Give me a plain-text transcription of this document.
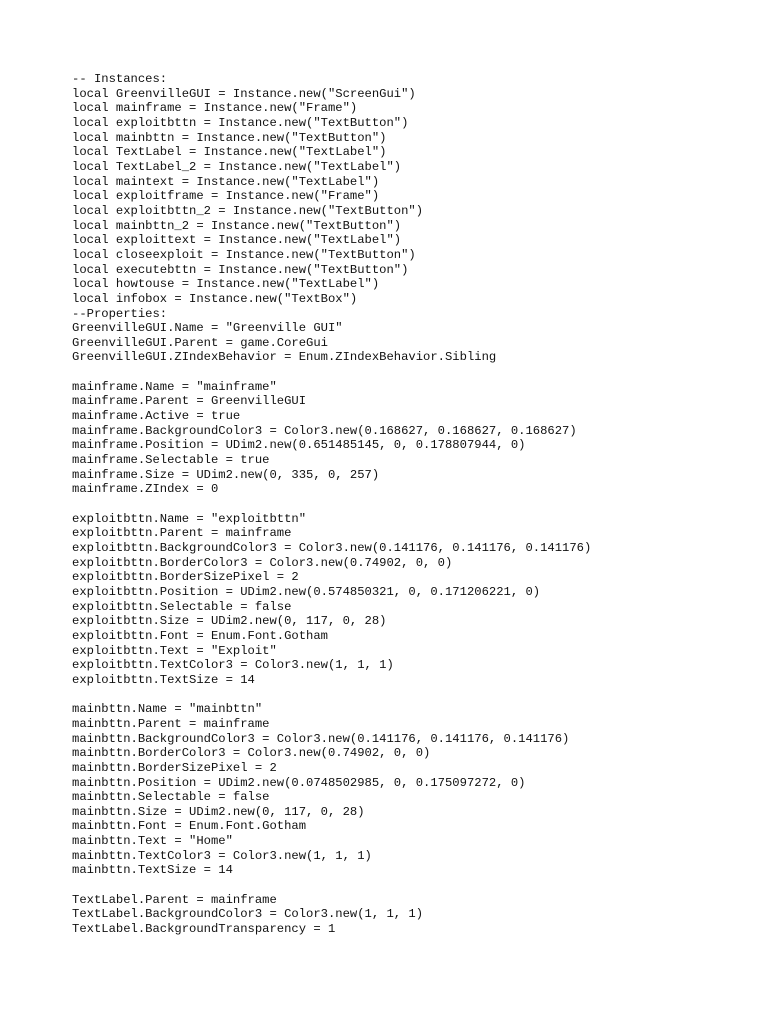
-- Instances:
local GreenvilleGUI = Instance.new("ScreenGui")
local mainframe = Instance.new("Frame")
local exploitbttn = Instance.new("TextButton")
local mainbttn = Instance.new("TextButton")
local TextLabel = Instance.new("TextLabel")
local TextLabel_2 = Instance.new("TextLabel")
local maintext = Instance.new("TextLabel")
local exploitframe = Instance.new("Frame")
local exploitbttn_2 = Instance.new("TextButton")
local mainbttn_2 = Instance.new("TextButton")
local exploittext = Instance.new("TextLabel")
local closeexploit = Instance.new("TextButton")
local executebttn = Instance.new("TextButton")
local howtouse = Instance.new("TextLabel")
local infobox = Instance.new("TextBox")
--Properties:
GreenvilleGUI.Name = "Greenville GUI"
GreenvilleGUI.Parent = game.CoreGui
GreenvilleGUI.ZIndexBehavior = Enum.ZIndexBehavior.Sibling
mainframe.Name = "mainframe"
mainframe.Parent = GreenvilleGUI
mainframe.Active = true
mainframe.BackgroundColor3 = Color3.new(0.168627, 0.168627, 0.168627)
mainframe.Position = UDim2.new(0.651485145, 0, 0.178807944, 0)
mainframe.Selectable = true
mainframe.Size = UDim2.new(0, 335, 0, 257)
mainframe.ZIndex = 0
exploitbttn.Name = "exploitbttn"
exploitbttn.Parent = mainframe
exploitbttn.BackgroundColor3 = Color3.new(0.141176, 0.141176, 0.141176)
exploitbttn.BorderColor3 = Color3.new(0.74902, 0, 0)
exploitbttn.BorderSizePixel = 2
exploitbttn.Position = UDim2.new(0.574850321, 0, 0.171206221, 0)
exploitbttn.Selectable = false
exploitbttn.Size = UDim2.new(0, 117, 0, 28)
exploitbttn.Font = Enum.Font.Gotham
exploitbttn.Text = "Exploit"
exploitbttn.TextColor3 = Color3.new(1, 1, 1)
exploitbttn.TextSize = 14
mainbttn.Name = "mainbttn"
mainbttn.Parent = mainframe
mainbttn.BackgroundColor3 = Color3.new(0.141176, 0.141176, 0.141176)
mainbttn.BorderColor3 = Color3.new(0.74902, 0, 0)
mainbttn.BorderSizePixel = 2
mainbttn.Position = UDim2.new(0.0748502985, 0, 0.175097272, 0)
mainbttn.Selectable = false
mainbttn.Size = UDim2.new(0, 117, 0, 28)
mainbttn.Font = Enum.Font.Gotham
mainbttn.Text = "Home"
mainbttn.TextColor3 = Color3.new(1, 1, 1)
mainbttn.TextSize = 14
TextLabel.Parent = mainframe
TextLabel.BackgroundColor3 = Color3.new(1, 1, 1)
TextLabel.BackgroundTransparency = 1
